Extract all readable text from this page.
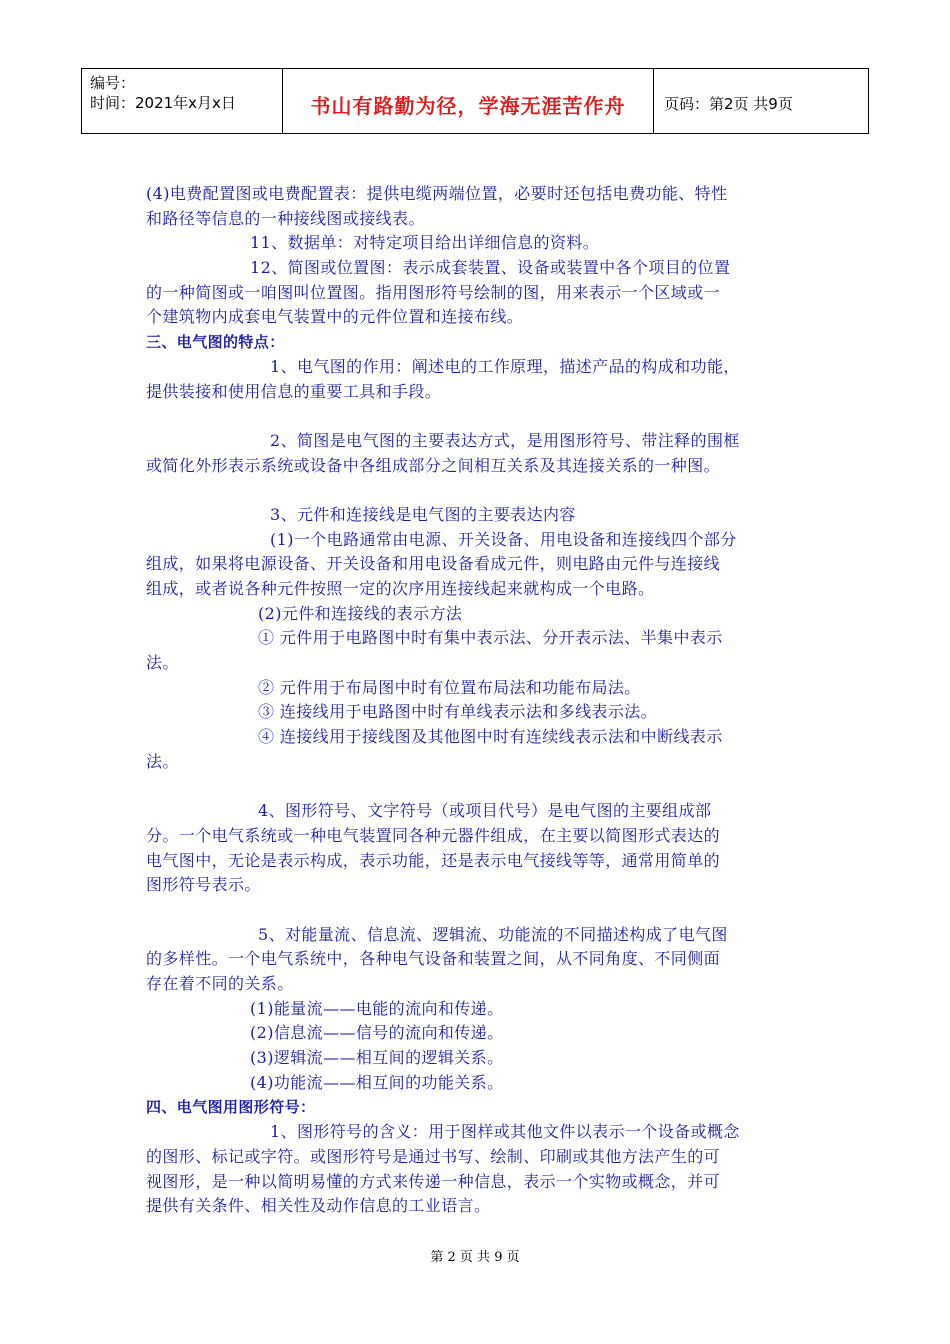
编号：
时间：2021年x月x日	书山有路勤为径，学海无涯苦作舟	页码：第2页 共9页
(4)电费配置图或电费配置表：提供电缆两端位置，必要时还包括电费功能、特性
和路径等信息的一种接线图或接线表。
11、数据单：对特定项目给出详细信息的资料。
12、简图或位置图：表示成套装置、设备或装置中各个项目的位置
的一种简图或一咱图叫位置图。指用图形符号绘制的图，用来表示一个区域或一
个建筑物内成套电气装置中的元件位置和连接布线。
三、电气图的特点：
1、电气图的作用：阐述电的工作原理，描述产品的构成和功能，
提供装接和使用信息的重要工具和手段。
2、简图是电气图的主要表达方式，是用图形符号、带注释的围框
或简化外形表示系统或设备中各组成部分之间相互关系及其连接关系的一种图。
3、元件和连接线是电气图的主要表达内容
(1)一个电路通常由电源、开关设备、用电设备和连接线四个部分
组成，如果将电源设备、开关设备和用电设备看成元件，则电路由元件与连接线
组成，或者说各种元件按照一定的次序用连接线起来就构成一个电路。
(2)元件和连接线的表示方法
① 元件用于电路图中时有集中表示法、分开表示法、半集中表示
法。
② 元件用于布局图中时有位置布局法和功能布局法。
③ 连接线用于电路图中时有单线表示法和多线表示法。
④ 连接线用于接线图及其他图中时有连续线表示法和中断线表示
法。
4、图形符号、文字符号（或项目代号）是电气图的主要组成部
分。一个电气系统或一种电气装置同各种元器件组成，在主要以简图形式表达的
电气图中，无论是表示构成，表示功能，还是表示电气接线等等，通常用简单的
图形符号表示。
5、对能量流、信息流、逻辑流、功能流的不同描述构成了电气图
的多样性。一个电气系统中，各种电气设备和装置之间，从不同角度、不同侧面
存在着不同的关系。
(1)能量流——电能的流向和传递。
(2)信息流——信号的流向和传递。
(3)逻辑流——相互间的逻辑关系。
(4)功能流——相互间的功能关系。
四、电气图用图形符号：
1、图形符号的含义：用于图样或其他文件以表示一个设备或概念
的图形、标记或字符。或图形符号是通过书写、绘制、印刷或其他方法产生的可
视图形，是一种以简明易懂的方式来传递一种信息，表示一个实物或概念，并可
提供有关条件、相关性及动作信息的工业语言。
第 2 页 共 9 页
